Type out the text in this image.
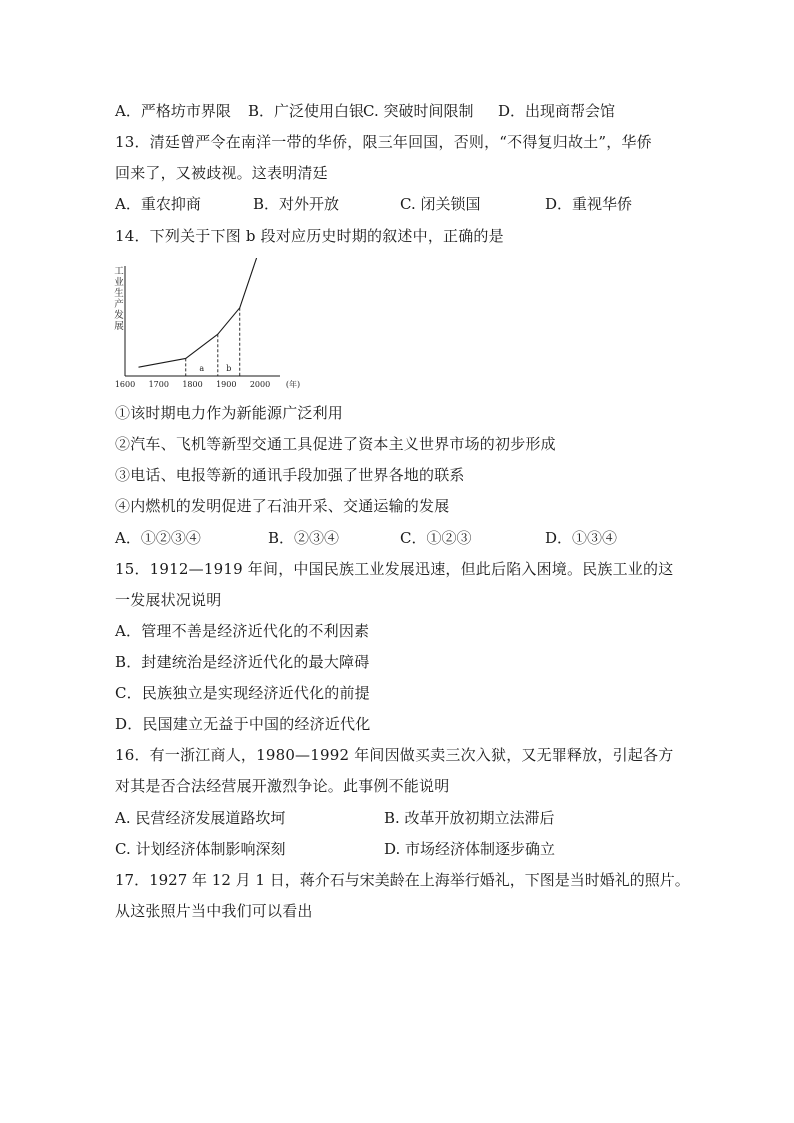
A．严格坊市界限 B．广泛使用白银
C. 突破时间限制 D．出现商帮会馆
13．清廷曾严令在南洋一带的华侨，限三年回国，否则，“不得复归故土”，华侨
回来了，又被歧视。这表明清廷
A．重农抑商	B．对外开放	C. 闭关锁国	D．重视华侨
14．下列关于下图 b 段对应历史时期的叙述中，正确的是
工
业
生
产
发
展
a	b
1600 1700 1800 1900 2000 (年)
①该时期电力作为新能源广泛利用
②汽车、飞机等新型交通工具促进了资本主义世界市场的初步形成
③电话、电报等新的通讯手段加强了世界各地的联系
④内燃机的发明促进了石油开采、交通运输的发展
A．①②③④	B．②③④	C．①②③	D．①③④
15．1912—1919 年间，中国民族工业发展迅速，但此后陷入困境。民族工业的这
一发展状况说明
A．管理不善是经济近代化的不利因素
B．封建统治是经济近代化的最大障碍
C．民族独立是实现经济近代化的前提
D．民国建立无益于中国的经济近代化
16．有一浙江商人，1980—1992 年间因做买卖三次入狱，又无罪释放，引起各方
对其是否合法经营展开激烈争论。此事例不能说明
A. 民营经济发展道路坎坷	B. 改革开放初期立法滞后
C. 计划经济体制影响深刻	D. 市场经济体制逐步确立
17．1927 年 12 月 1 日，蒋介石与宋美龄在上海举行婚礼，下图是当时婚礼的照片。
从这张照片当中我们可以看出
